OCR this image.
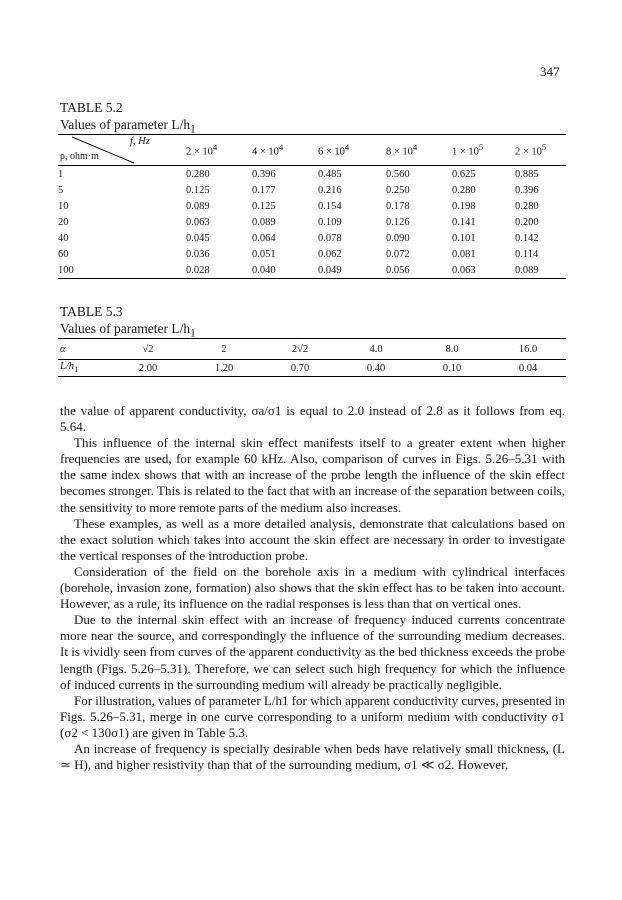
347
TABLE 5.2
Values of parameter $L/h_1$
f, Hz
ρ, ohm·m	$2 \times 10^4$	$4 \times 10^4$	$6 \times 10^4$	$8 \times 10^4$	$1 \times 10^5$	$2 \times 10^5$
1	0.280	0.396	0.485	0.560	0.625	0.885
5	0.125	0.177	0.216	0.250	0.280	0.396
10	0.089	0.125	0.154	0.178	0.198	0.280
20	0.063	0.089	0.109	0.126	0.141	0.200
40	0.045	0.064	0.078	0.090	0.101	0.142
60	0.036	0.051	0.062	0.072	0.081	0.114
100	0.028	0.040	0.049	0.056	0.063	0.089
TABLE 5.3
Values of parameter $L/h_1$
α	√2	2	2√2	4.0	8.0	16.0
$L/h_1$	2.00	1.20	0.70	0.40	0.10	0.04

the value of apparent conductivity, σa/σ1 is equal to 2.0 instead of 2.8 as it follows from eq. 5.64.

This influence of the internal skin effect manifests itself to a greater extent when higher frequencies are used, for example 60 kHz. Also, comparison of curves in Figs. 5.26–5.31 with the same index shows that with an increase of the probe length the influence of the skin effect becomes stronger. This is related to the fact that with an increase of the separation between coils, the sensitivity to more remote parts of the medium also increases.

These examples, as well as a more detailed analysis, demonstrate that calculations based on the exact solution which takes into account the skin effect are necessary in order to investigate the vertical responses of the introduction probe.

Consideration of the field on the borehole axis in a medium with cylindrical interfaces (borehole, invasion zone, formation) also shows that the skin effect has to be taken into account. However, as a rule, its influence on the radial responses is less than that on vertical ones.

Due to the internal skin effect with an increase of frequency induced currents concentrate more near the source, and correspondingly the influence of the surrounding medium decreases. It is vividly seen from curves of the apparent conductivity as the bed thickness exceeds the probe length (Figs. 5.26–5.31). Therefore, we can select such high frequency for which the influence of induced currents in the surrounding medium will already be practically negligible.

For illustration, values of parameter L/h1 for which apparent conductivity curves, presented in Figs. 5.26–5.31, merge in one curve corresponding to a uniform medium with conductivity σ1 (σ2 < 130σ1) are given in Table 5.3.

An increase of frequency is specially desirable when beds have relatively small thickness, (L ≃ H), and higher resistivity than that of the surrounding medium, σ1 ≪ σ2. However,
